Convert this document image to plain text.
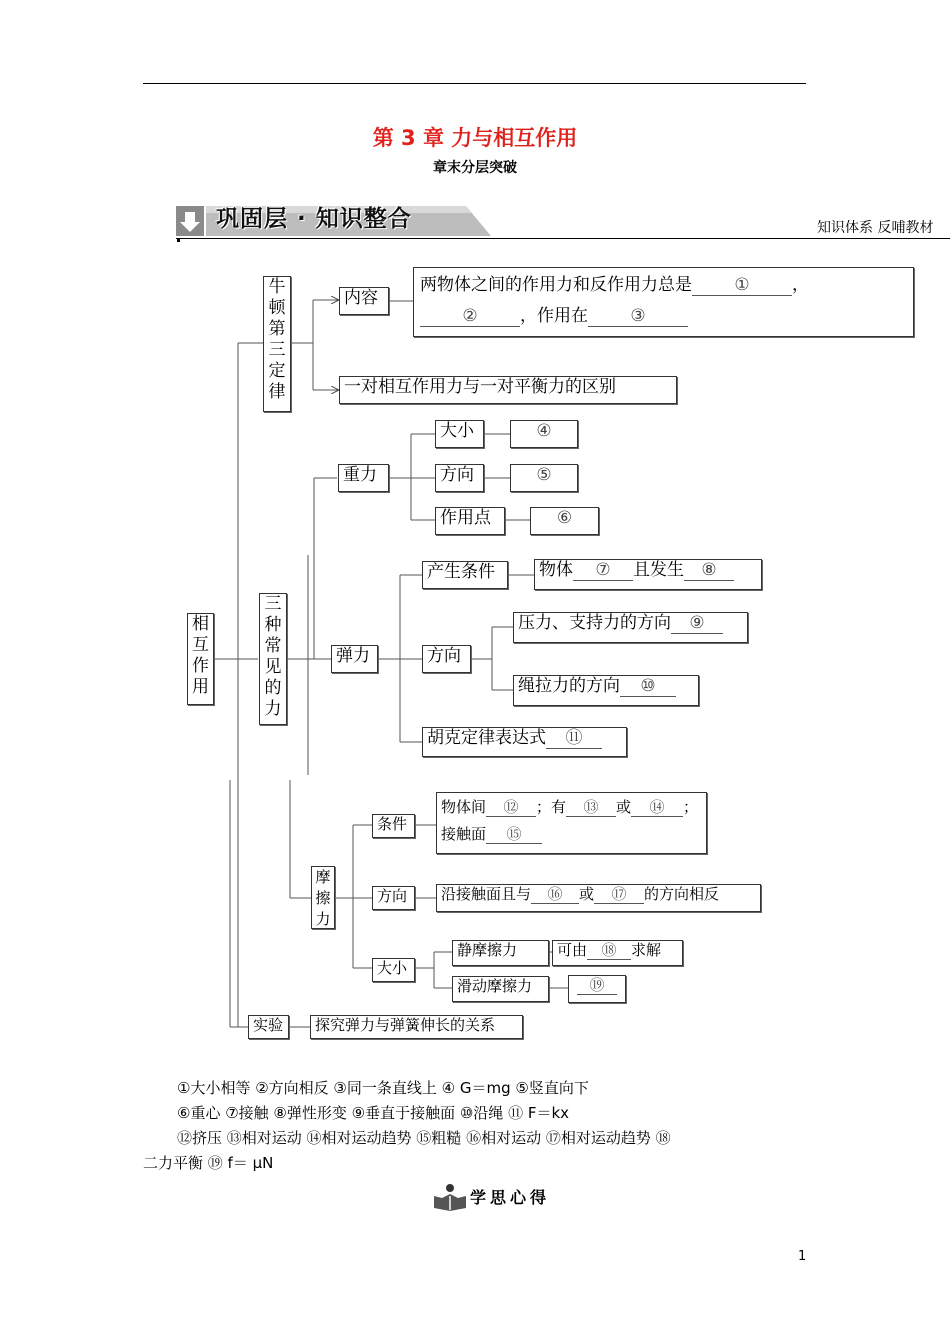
第 3 章 力与相互作用
章末分层突破
巩固层 · 知识整合	知识体系 反哺教材
相
互
作
用
牛
顿
第
三
定
律
内容
两物体之间的作用力和反作用力总是 ① ，
② ，作用在 ③
一对相互作用力与一对平衡力的区别
三
种
常
见
的
力
重力
大小	④
方向	⑤
作用点	⑥
弹力
产生条件	物体 ⑦ 且发生 ⑧
方向
压力、支持力的方向 ⑨
绳拉力的方向 ⑩
胡克定律表达式 ⑪
摩
擦
力
条件
物体间 ⑫ ；有 ⑬ 或 ⑭ ；
接触面 ⑮
方向	沿接触面且与 ⑯ 或 ⑰ 的方向相反
大小
静摩擦力	可由 ⑱ 求解
滑动摩擦力	⑲
实验	探究弹力与弹簧伸长的关系

①大小相等 ②方向相反 ③同一条直线上 ④ G＝mg ⑤竖直向下

⑥重心 ⑦接触 ⑧弹性形变 ⑨垂直于接触面 ⑩沿绳 ⑪ F＝kx

⑫挤压 ⑬相对运动 ⑭相对运动趋势 ⑮粗糙 ⑯相对运动 ⑰相对运动趋势 ⑱

二力平衡 ⑲ f＝ μN

学思心得
1
